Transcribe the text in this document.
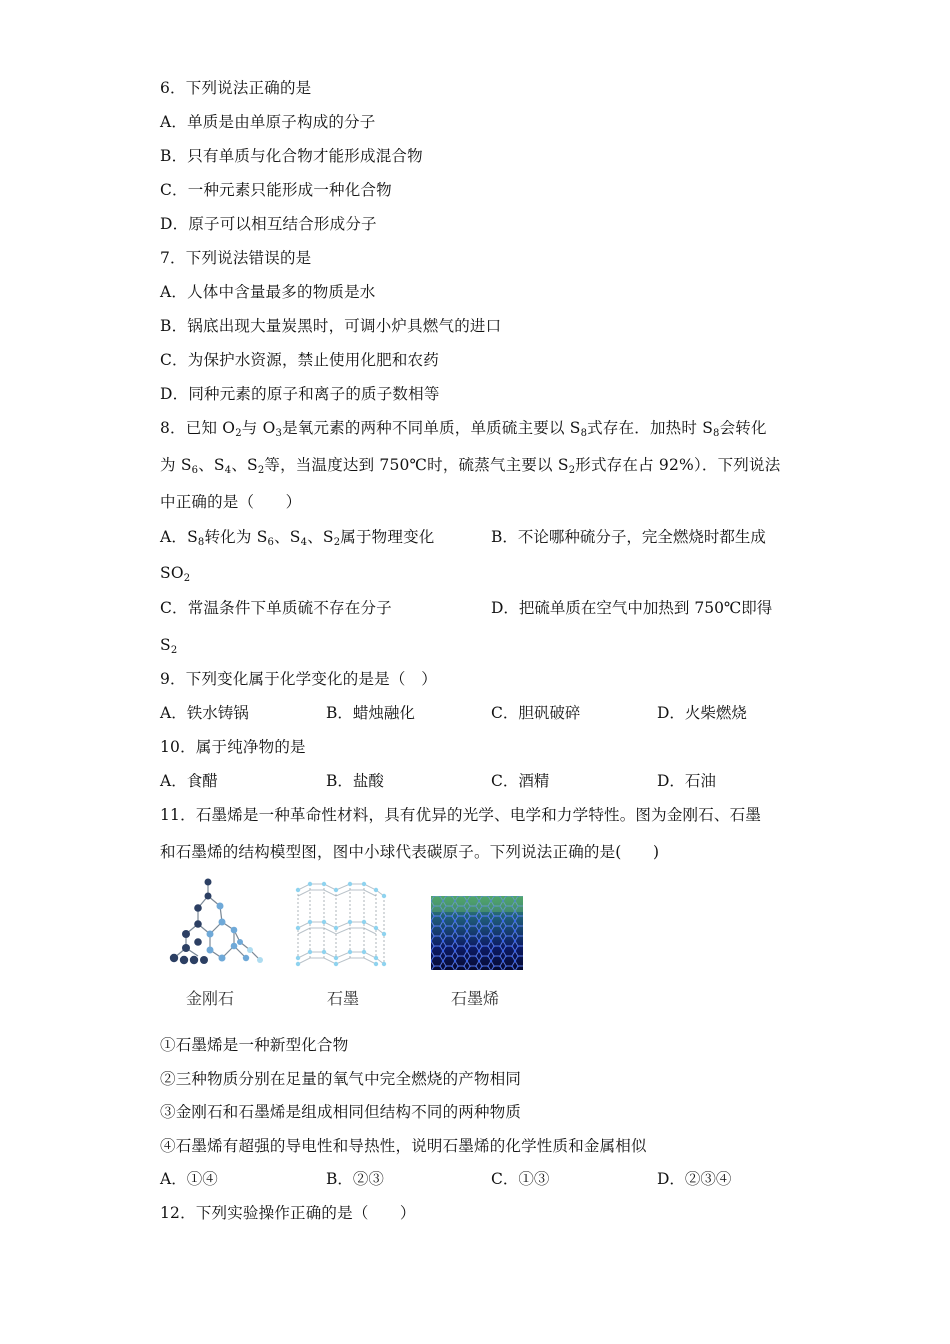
6．下列说法正确的是
A．单质是由单原子构成的分子
B．只有单质与化合物才能形成混合物
C．一种元素只能形成一种化合物
D．原子可以相互结合形成分子
7．下列说法错误的是
A．人体中含量最多的物质是水
B．锅底出现大量炭黑时，可调小炉具燃气的进口
C．为保护水资源，禁止使用化肥和农药
D．同种元素的原子和离子的质子数相等
8．已知 $O_2$与 $O_3$是氧元素的两种不同单质，单质硫主要以 $S_8$式存在．加热时 $S_8$会转化
为 $S_6$、$S_4$、$S_2$等，当温度达到 750℃时，硫蒸气主要以 $S_2$形式存在占 92%）．下列说法
中正确的是（　　）
A．$S_8$转化为 $S_6$、$S_4$、$S_2$属于物理变化	B．不论哪种硫分子，完全燃烧时都生成
$SO_2$
C．常温条件下单质硫不存在分子	D．把硫单质在空气中加热到 750℃即得
$S_2$
9．下列变化属于化学变化的是是（　）
A．铁水铸锅	B．蜡烛融化	C．胆矾破碎	D．火柴燃烧
10．属于纯净物的是
A．食醋	B．盐酸	C．酒精	D．石油
11．石墨烯是一种革命性材料，具有优异的光学、电学和力学特性。图为金刚石、石墨
和石墨烯的结构模型图，图中小球代表碳原子。下列说法正确的是(　　)
金刚石	石墨	石墨烯
①石墨烯是一种新型化合物
②三种物质分别在足量的氧气中完全燃烧的产物相同
③金刚石和石墨烯是组成相同但结构不同的两种物质
④石墨烯有超强的导电性和导热性，说明石墨烯的化学性质和金属相似
A．①④	B．②③	C．①③	D．②③④
12．下列实验操作正确的是（　　）
